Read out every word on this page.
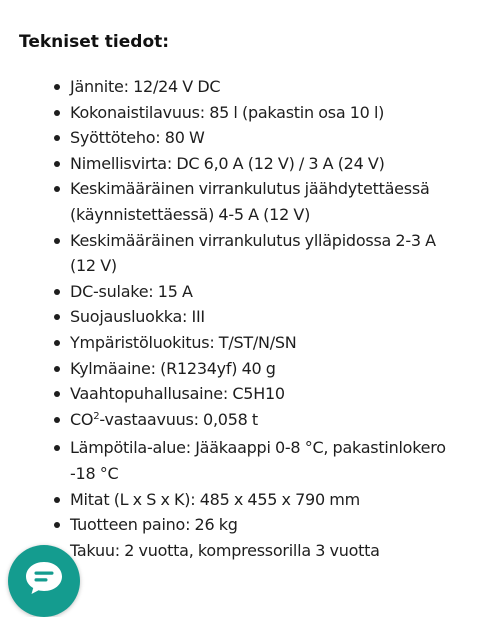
Tekniset tiedot:
Jännite: 12/24 V DC
Kokonaistilavuus: 85 l (pakastin osa 10 l)
Syöttöteho: 80 W
Nimellisvirta: DC 6,0 A (12 V) / 3 A (24 V)
Keskimääräinen virrankulutus jäähdytettäessä (käynnistettäessä) 4-5 A (12 V)
Keskimääräinen virrankulutus ylläpidossa 2-3 A (12 V)
DC-sulake: 15 A
Suojausluokka: III
Ympäristöluokitus: T/ST/N/SN
Kylmäaine: (R1234yf) 40 g
Vaahtopuhallusaine: C5H10
$CO^2$-vastaavuus: 0,058 t
Lämpötila-alue: Jääkaappi 0-8 °C, pakastinlokero -18 °C
Mitat (L x S x K): 485 x 455 x 790 mm
Tuotteen paino: 26 kg
Takuu: 2 vuotta, kompressorilla 3 vuotta
